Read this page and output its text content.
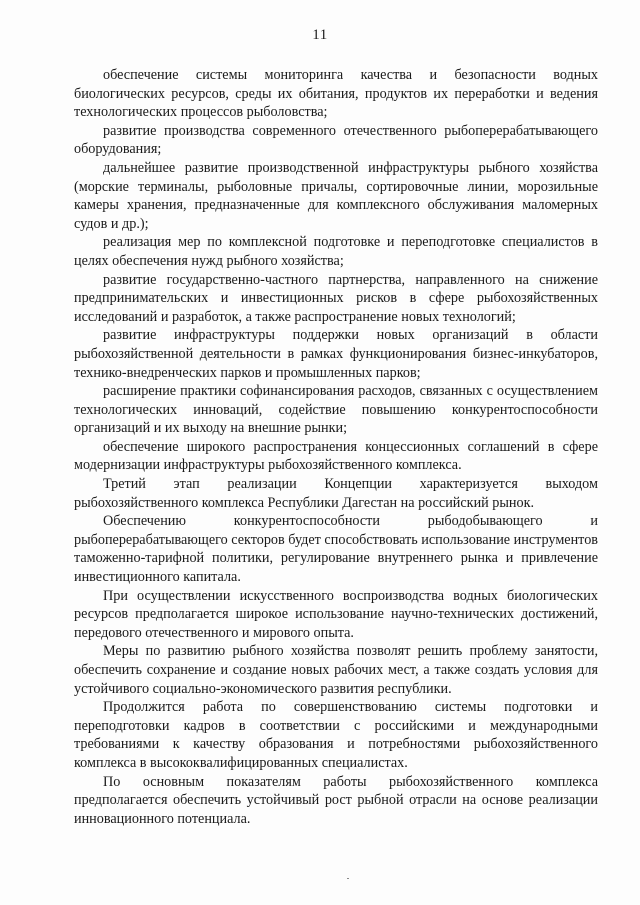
11

обеспечение системы мониторинга качества и безопасности водных биологических ресурсов, среды их обитания, продуктов их переработки и ведения технологических процессов рыболовства;

развитие производства современного отечественного рыбоперерабатывающего оборудования;

дальнейшее развитие производственной инфраструктуры рыбного хозяйства (морские терминалы, рыболовные причалы, сортировочные линии, морозильные камеры хранения, предназначенные для комплексного обслуживания маломерных судов и др.);

реализация мер по комплексной подготовке и переподготовке специалистов в целях обеспечения нужд рыбного хозяйства;

развитие государственно-частного партнерства, направленного на снижение предпринимательских и инвестиционных рисков в сфере рыбохозяйственных исследований и разработок, а также распространение новых технологий;

развитие инфраструктуры поддержки новых организаций в области рыбохозяйственной деятельности в рамках функционирования бизнес-инкубаторов, технико-внедренческих парков и промышленных парков;

расширение практики софинансирования расходов, связанных с осуществлением технологических инноваций, содействие повышению конкурентоспособности организаций и их выходу на внешние рынки;

обеспечение широкого распространения концессионных соглашений в сфере модернизации инфраструктуры рыбохозяйственного комплекса.

Третий этап реализации Концепции характеризуется выходом рыбохозяйственного комплекса Республики Дагестан на российский рынок.

Обеспечению конкурентоспособности рыбодобывающего и рыбоперерабатывающего секторов будет способствовать использование инструментов таможенно-тарифной политики, регулирование внутреннего рынка и привлечение инвестиционного капитала.

При осуществлении искусственного воспроизводства водных биологических ресурсов предполагается широкое использование научно-технических достижений, передового отечественного и мирового опыта.

Меры по развитию рыбного хозяйства позволят решить проблему занятости, обеспечить сохранение и создание новых рабочих мест, а также создать условия для устойчивого социально-экономического развития республики.

Продолжится работа по совершенствованию системы подготовки и переподготовки кадров в соответствии с российскими и международными требованиями к качеству образования и потребностями рыбохозяйственного комплекса в высококвалифицированных специалистах.

По основным показателям работы рыбохозяйственного комплекса предполагается обеспечить устойчивый рост рыбной отрасли на основе реализации инновационного потенциала.
